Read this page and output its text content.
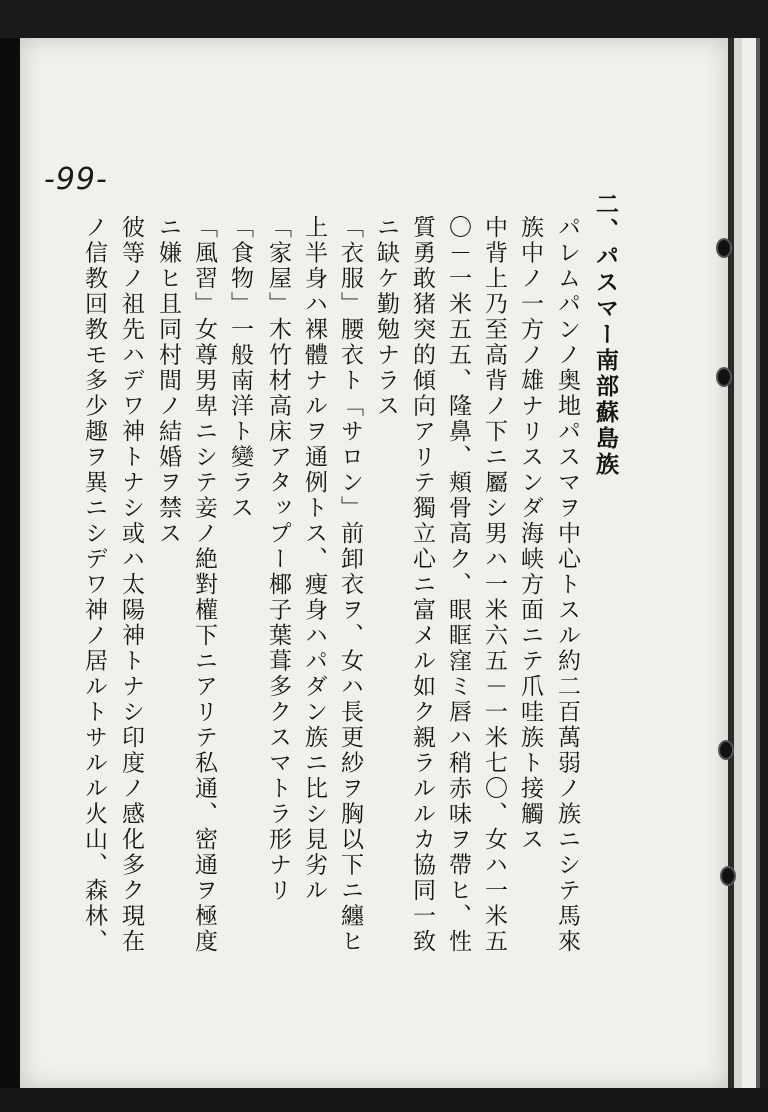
-99-
二、パスマー南部蘇島族
パレムパンノ奥地パスマヲ中心トスル約二百萬弱ノ族ニシテ馬來
族中ノ一方ノ雄ナリスンダ海峡方面ニテ爪哇族ト接觸ス
中背上乃至高背ノ下ニ屬シ男ハ一米六五－一米七〇、女ハ一米五
〇－一米五五、隆鼻、頬骨高ク、眼眶窪ミ唇ハ稍赤味ヲ帶ヒ、性
質勇敢猪突的傾向アリテ獨立心ニ富メル如ク親ラルルカ協同一致
ニ缺ケ勤勉ナラス
「衣服」腰衣ト「サロン」前卸衣ヲ、女ハ長更紗ヲ胸以下ニ纏ヒ
上半身ハ裸體ナルヲ通例トス、痩身ハパダン族ニ比シ見劣ル
「家屋」木竹材高床アタップー椰子葉葺多クスマトラ形ナリ
「食物」一般南洋ト變ラス
「風習」女尊男卑ニシテ妾ノ絶對權下ニアリテ私通、密通ヲ極度
ニ嫌ヒ且同村間ノ結婚ヲ禁ス
彼等ノ祖先ハデワ神トナシ或ハ太陽神トナシ印度ノ感化多ク現在
ノ信教回教モ多少趣ヲ異ニシデワ神ノ居ルトサルル火山、森林、
